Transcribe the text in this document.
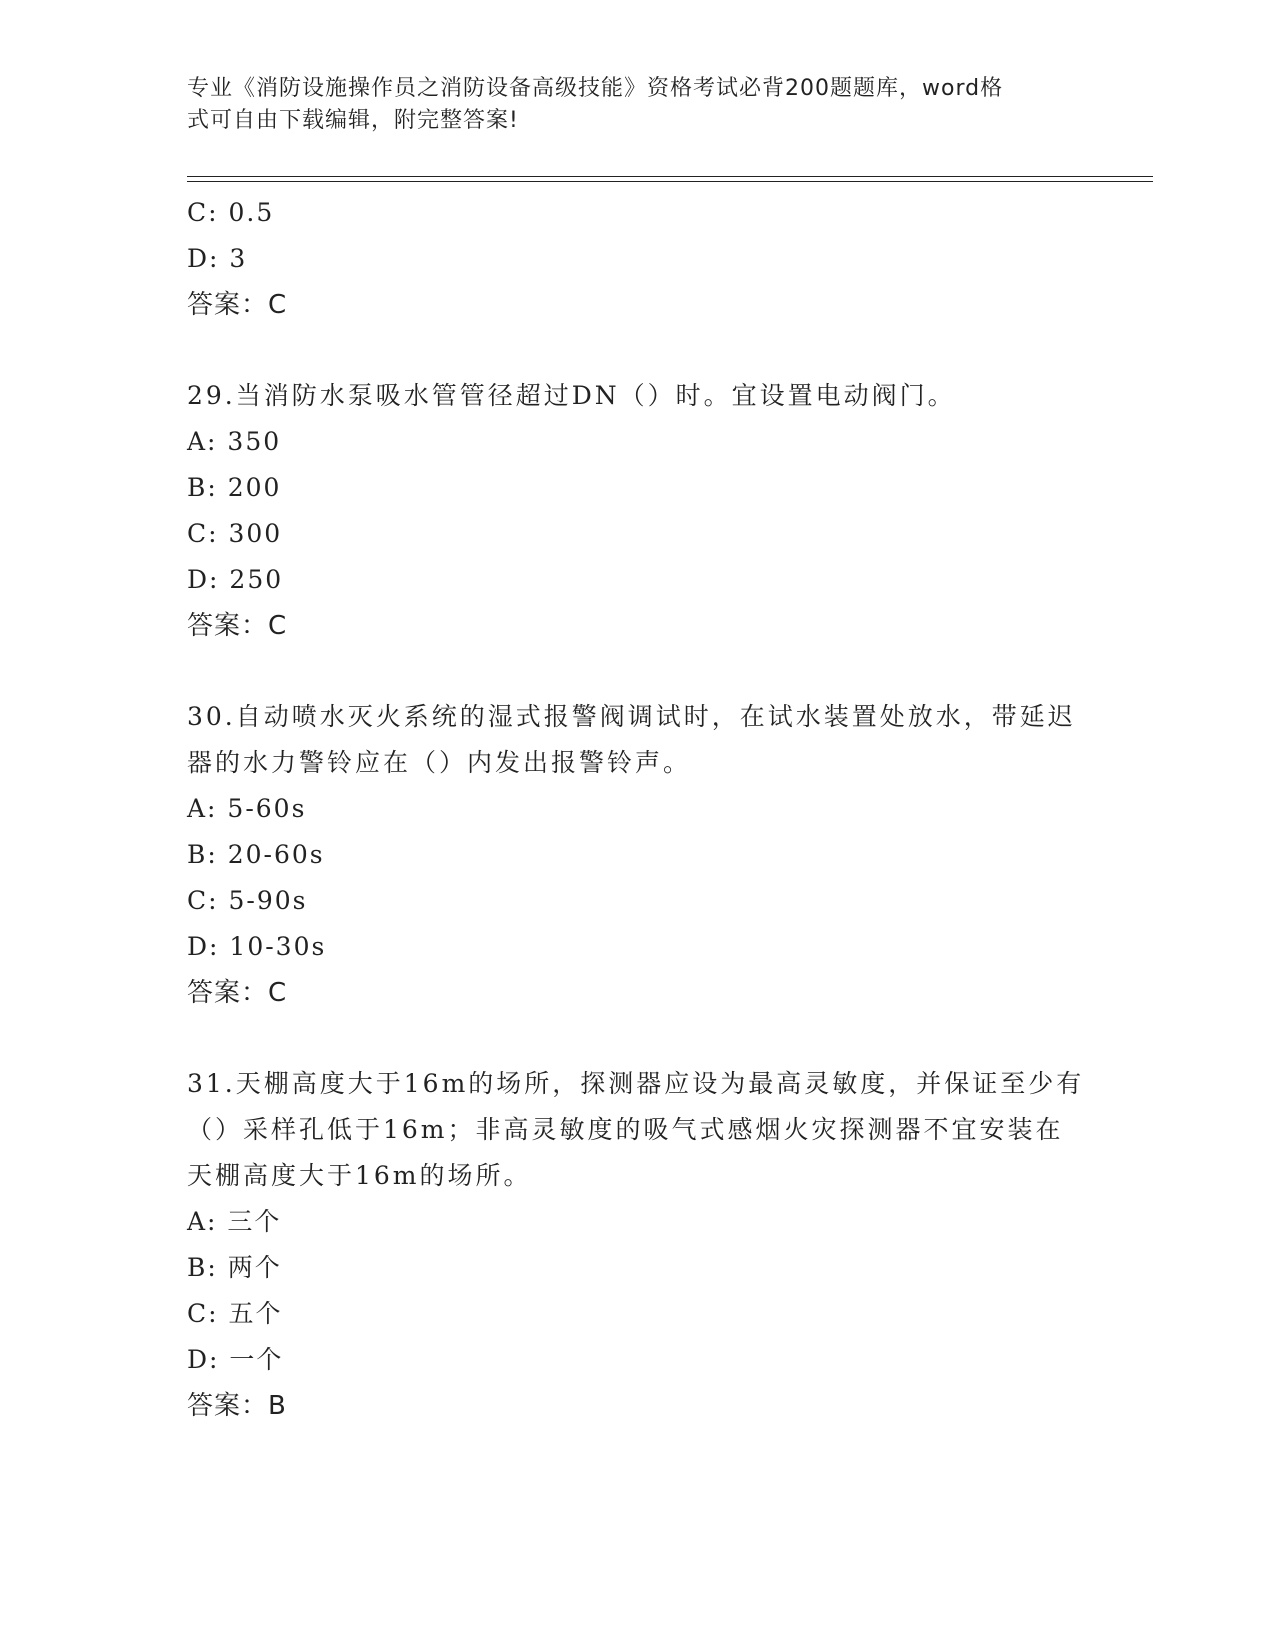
专业《消防设施操作员之消防设备高级技能》资格考试必背200题题库，word格
式可自由下载编辑，附完整答案!

C: 0.5

D: 3

答案：C

29.当消防水泵吸水管管径超过DN（）时。宜设置电动阀门。

A: 350

B: 200

C: 300

D: 250

答案：C

30.自动喷水灭火系统的湿式报警阀调试时，在试水装置处放水，带延迟器的水力警铃应在（）内发出报警铃声。

A: 5-60s

B: 20-60s

C: 5-90s

D: 10-30s

答案：C

31.天棚高度大于16m的场所，探测器应设为最高灵敏度，并保证至少有（）采样孔低于16m；非高灵敏度的吸气式感烟火灾探测器不宜安装在天棚高度大于16m的场所。

A: 三个

B: 两个

C: 五个

D: 一个

答案：B
